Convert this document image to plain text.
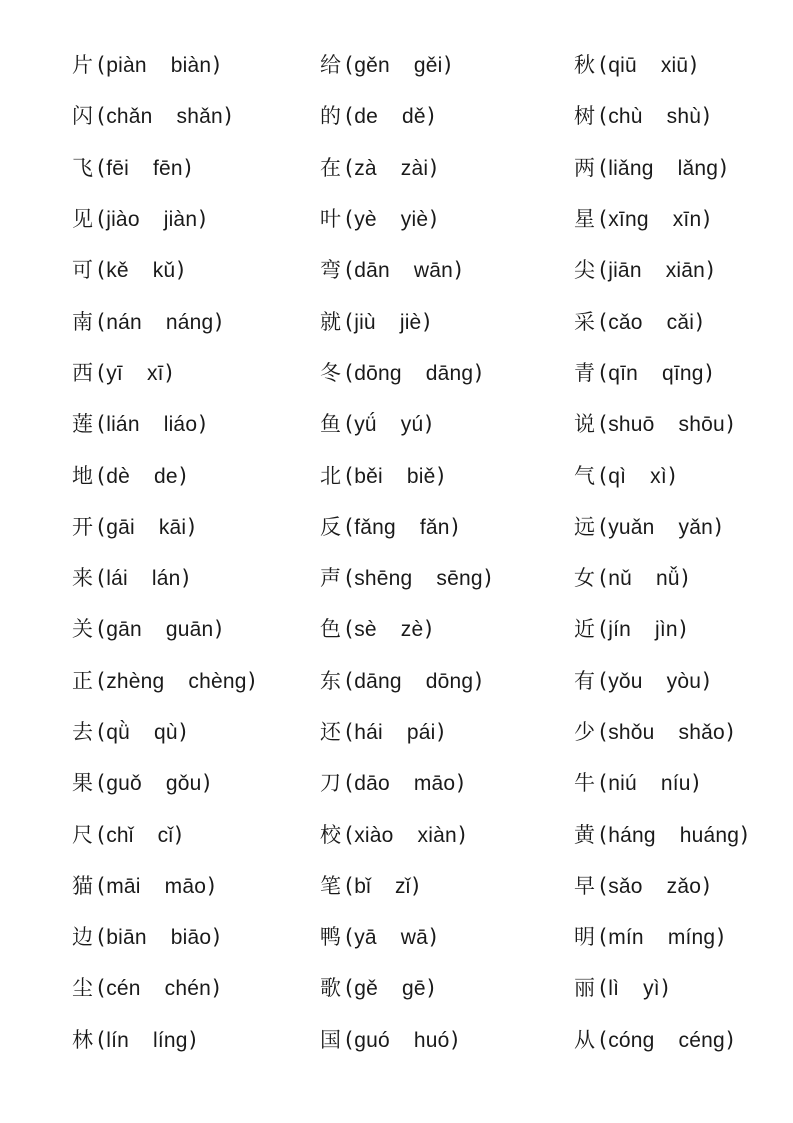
片 ( piàn biàn )
闪 ( chǎn shǎn )
飞 ( fēi fēn )
见 ( jiào jiàn )
可 ( kě kǔ )
南 ( nán náng )
西 ( yī xī )
莲 ( lián liáo )
地 ( dè de )
开 ( gāi kāi )
来 ( lái lán )
关 ( gān guān )
正 ( zhèng chèng )
去 ( qǜ qù )
果 ( guǒ gǒu )
尺 ( chǐ cǐ )
猫 ( māi māo )
边 ( biān biāo )
尘 ( cén chén )
林 ( lín líng )
给 ( gěn gěi )
的 ( de dě )
在 ( zà zài )
叶 ( yè yiè )
弯 ( dān wān )
就 ( jiù jiè )
冬 ( dōng dāng )
鱼 ( yǘ yú )
北 ( běi biě )
反 ( fǎng fǎn )
声 ( shēng sēng )
色 ( sè zè )
东 ( dāng dōng )
还 ( hái pái )
刀 ( dāo māo )
校 ( xiào xiàn )
笔 ( bǐ zǐ )
鸭 ( yā wā )
歌 ( gě gē )
国 ( guó huó )
秋 ( qiū xiū )
树 ( chù shù )
两 ( liǎng lǎng )
星 ( xīng xīn )
尖 ( jiān xiān )
采 ( cǎo cǎi )
青 ( qīn qīng )
说 ( shuō shōu )
气 ( qì xì )
远 ( yuǎn yǎn )
女 ( nǔ nǚ )
近 ( jín jìn )
有 ( yǒu yòu )
少 ( shǒu shǎo )
牛 ( niú níu )
黄 ( háng huáng )
早 ( sǎo zǎo )
明 ( mín míng )
丽 ( lì yì )
从 ( cóng céng )
